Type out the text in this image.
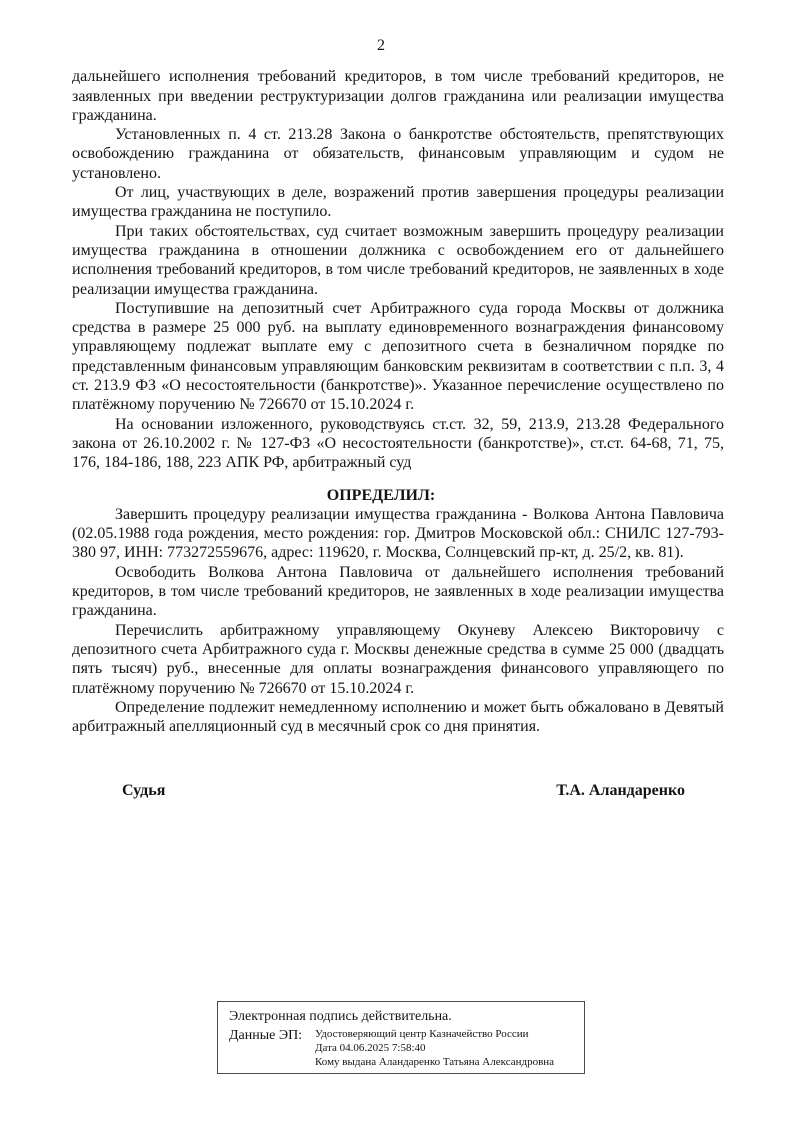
2

дальнейшего исполнения требований кредиторов, в том числе требований кредиторов, не заявленных при введении реструктуризации долгов гражданина или реализации имущества гражданина.

Установленных п. 4 ст. 213.28 Закона о банкротстве обстоятельств, препятствующих освобождению гражданина от обязательств, финансовым управляющим и судом не установлено.

От лиц, участвующих в деле, возражений против завершения процедуры реализации имущества гражданина не поступило.

При таких обстоятельствах, суд считает возможным завершить процедуру реализации имущества гражданина в отношении должника с освобождением его от дальнейшего исполнения требований кредиторов, в том числе требований кредиторов, не заявленных в ходе реализации имущества гражданина.

Поступившие на депозитный счет Арбитражного суда города Москвы от должника средства в размере 25 000 руб. на выплату единовременного вознаграждения финансовому управляющему подлежат выплате ему с депозитного счета в безналичном порядке по представленным финансовым управляющим банковским реквизитам в соответствии с п.п. 3, 4 ст. 213.9 ФЗ «О несостоятельности (банкротстве)». Указанное перечисление осуществлено по платёжному поручению № 726670 от 15.10.2024 г.

На основании изложенного, руководствуясь ст.ст. 32, 59, 213.9, 213.28 Федерального закона от 26.10.2002 г. № 127-ФЗ «О несостоятельности (банкротстве)», ст.ст. 64-68, 71, 75, 176, 184-186, 188, 223 АПК РФ, арбитражный суд

ОПРЕДЕЛИЛ:

Завершить процедуру реализации имущества гражданина - Волкова Антона Павловича (02.05.1988 года рождения, место рождения: гор. Дмитров Московской обл.: СНИЛС 127-793-380 97, ИНН: 773272559676, адрес: 119620, г. Москва, Солнцевский пр-кт, д. 25/2, кв. 81).

Освободить Волкова Антона Павловича от дальнейшего исполнения требований кредиторов, в том числе требований кредиторов, не заявленных в ходе реализации имущества гражданина.

Перечислить арбитражному управляющему Окуневу Алексею Викторовичу с депозитного счета Арбитражного суда г. Москвы денежные средства в сумме 25 000 (двадцать пять тысяч) руб., внесенные для оплаты вознаграждения финансового управляющего по платёжному поручению № 726670 от 15.10.2024 г.

Определение подлежит немедленному исполнению и может быть обжаловано в Девятый арбитражный апелляционный суд в месячный срок со дня принятия.

Судья	Т.А. Аландаренко
Электронная подпись действительна.
Данные ЭП:	Удостоверяющий центр Казначейство России
Дата 04.06.2025 7:58:40
Кому выдана Аландаренко Татьяна Александровна
